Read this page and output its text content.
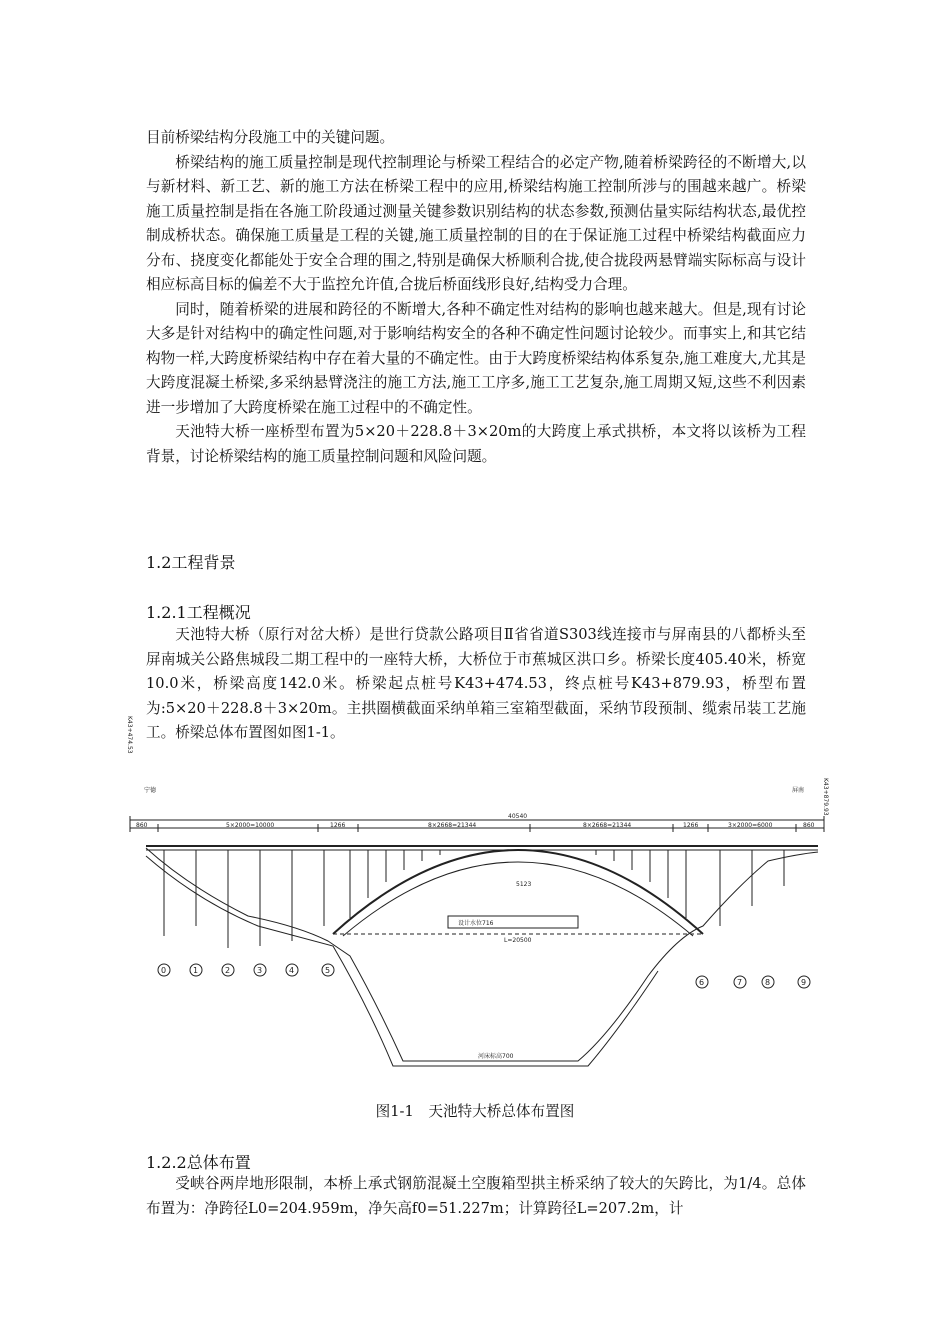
目前桥梁结构分段施工中的关键问题。

桥梁结构的施工质量控制是现代控制理论与桥梁工程结合的必定产物,随着桥梁跨径的不断增大,以与新材料、新工艺、新的施工方法在桥梁工程中的应用,桥梁结构施工控制所涉与的围越来越广。桥梁施工质量控制是指在各施工阶段通过测量关键参数识别结构的状态参数,预测估量实际结构状态,最优控制成桥状态。确保施工质量是工程的关键,施工质量控制的目的在于保证施工过程中桥梁结构截面应力分布、挠度变化都能处于安全合理的围之,特别是确保大桥顺利合拢,使合拢段两悬臂端实际标高与设计相应标高目标的偏差不大于监控允许值,合拢后桥面线形良好,结构受力合理。

同时，随着桥梁的进展和跨径的不断增大,各种不确定性对结构的影响也越来越大。但是,现有讨论大多是针对结构中的确定性问题,对于影响结构安全的各种不确定性问题讨论较少。而事实上,和其它结构物一样,大跨度桥梁结构中存在着大量的不确定性。由于大跨度桥梁结构体系复杂,施工难度大,尤其是大跨度混凝土桥梁,多采纳悬臂浇注的施工方法,施工工序多,施工工艺复杂,施工周期又短,这些不利因素进一步增加了大跨度桥梁在施工过程中的不确定性。

天池特大桥一座桥型布置为5×20＋228.8＋3×20m的大跨度上承式拱桥，本文将以该桥为工程背景，讨论桥梁结构的施工质量控制问题和风险问题。

1.2工程背景
1.2.1工程概况

天池特大桥（原行对岔大桥）是世行贷款公路项目Ⅱ省省道S303线连接市与屏南县的八都桥头至屏南城关公路焦城段二期工程中的一座特大桥，大桥位于市蕉城区洪口乡。桥梁长度405.40米，桥宽10.0米，桥梁高度142.0米。桥梁起点桩号K43+474.53，终点桩号K43+879.93，桥型布置为:5×20＋228.8＋3×20m。主拱圈横截面采纳单箱三室箱型截面，采纳节段预制、缆索吊装工艺施工。桥梁总体布置图如图1-1。

0	1	2	3	4	5
6	7	8	9
宁德	屏南
K43+474.53
K43+879.93
40540
860	5×2000=10000	1266	8×2668=21344	8×2668=21344	1266	3×2000=6000	860
5123
L=20500
设计水位716
河床标高700
图1-1　天池特大桥总体布置图
1.2.2总体布置

受峡谷两岸地形限制，本桥上承式钢筋混凝土空腹箱型拱主桥采纳了较大的矢跨比，为1/4。总体布置为：净跨径L0=204.959m，净矢高f0=51.227m；计算跨径L=207.2m，计
